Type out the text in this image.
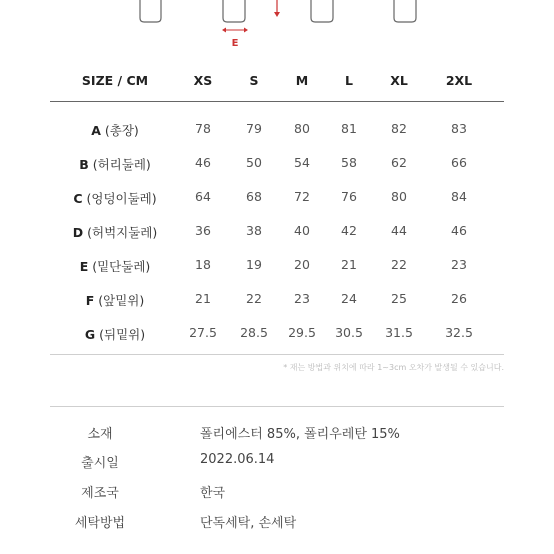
E
SIZE / CM	XS	S	M	L	XL	2XL
A (총장)	78	79	80	81	82	83
B (허리둘레)	46	50	54	58	62	66
C (엉덩이둘레)	64	68	72	76	80	84
D (허벅지둘레)	36	38	40	42	44	46
E (밑단둘레)	18	19	20	21	22	23
F (앞밑위)	21	22	23	24	25	26
G (뒤밑위)	27.5	28.5	29.5	30.5	31.5	32.5
* 재는 방법과 위치에 따라 1~3cm 오차가 발생될 수 있습니다.
소재	폴리에스터 85%, 폴리우레탄 15%
출시일	2022.06.14
제조국	한국
세탁방법	단독세탁, 손세탁
